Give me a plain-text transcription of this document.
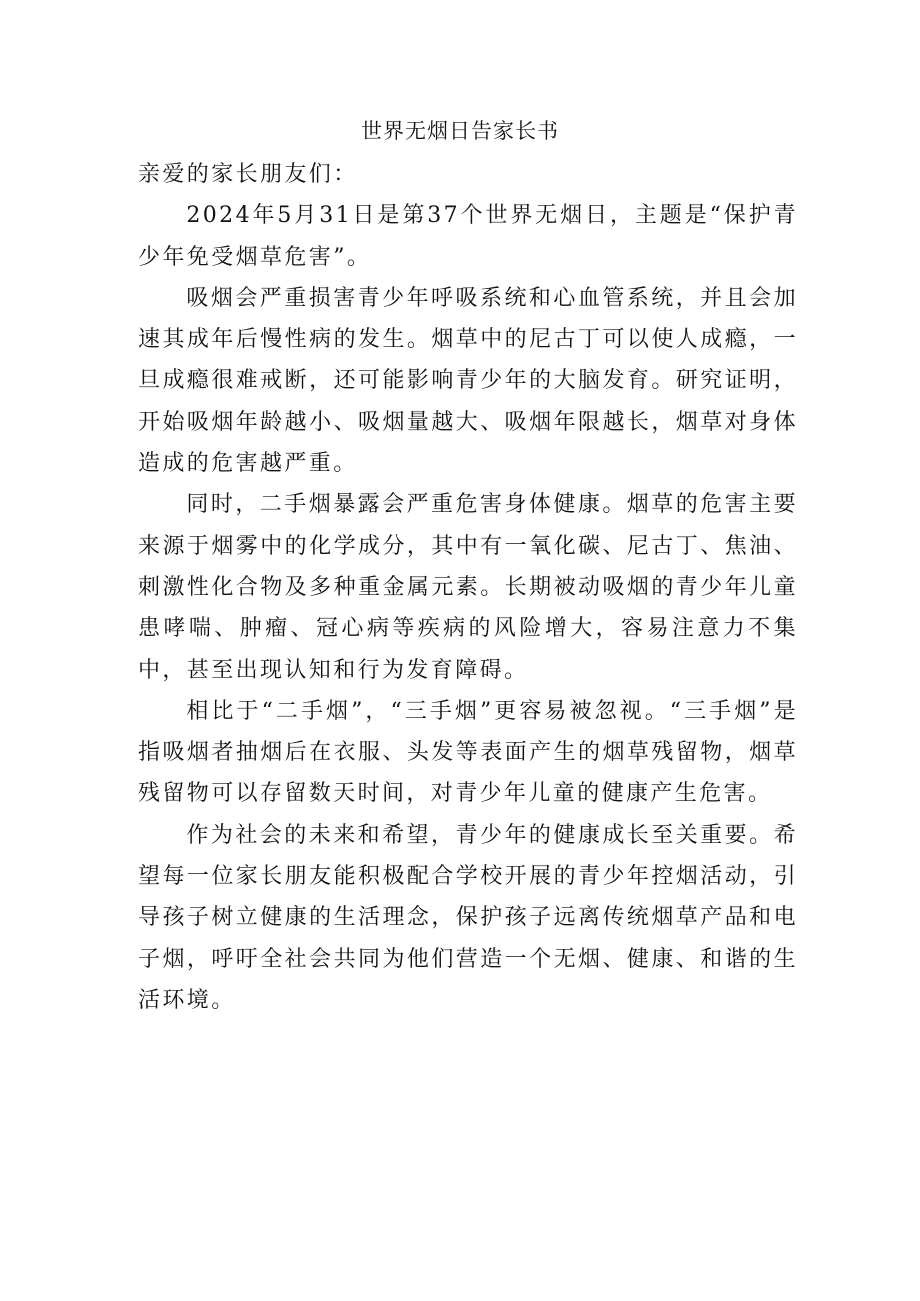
世界无烟日告家长书

亲爱的家长朋友们：

2024年5月31日是第37个世界无烟日，主题是“保护青少年免受烟草危害”。

吸烟会严重损害青少年呼吸系统和心血管系统，并且会加速其成年后慢性病的发生。烟草中的尼古丁可以使人成瘾，一旦成瘾很难戒断，还可能影响青少年的大脑发育。研究证明，开始吸烟年龄越小、吸烟量越大、吸烟年限越长，烟草对身体造成的危害越严重。

同时，二手烟暴露会严重危害身体健康。烟草的危害主要来源于烟雾中的化学成分，其中有一氧化碳、尼古丁、焦油、刺激性化合物及多种重金属元素。长期被动吸烟的青少年儿童患哮喘、肿瘤、冠心病等疾病的风险增大，容易注意力不集中，甚至出现认知和行为发育障碍。

相比于“二手烟”，“三手烟”更容易被忽视。“三手烟”是指吸烟者抽烟后在衣服、头发等表面产生的烟草残留物，烟草残留物可以存留数天时间，对青少年儿童的健康产生危害。

作为社会的未来和希望，青少年的健康成长至关重要。希望每一位家长朋友能积极配合学校开展的青少年控烟活动，引导孩子树立健康的生活理念，保护孩子远离传统烟草产品和电子烟，呼吁全社会共同为他们营造一个无烟、健康、和谐的生活环境。
